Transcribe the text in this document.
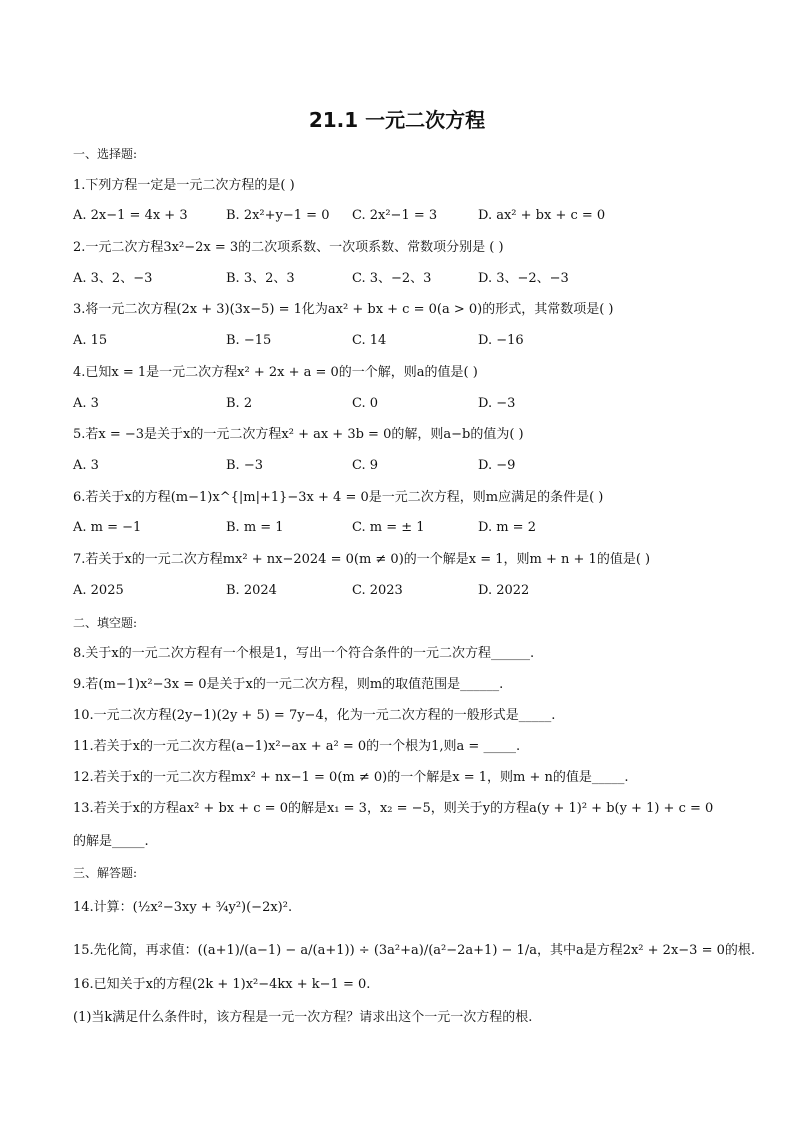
21.1 一元二次方程
一、选择题:
1.下列方程一定是一元二次方程的是( )
A. 2x−1 = 4x + 3	B. 2x²+y−1 = 0 C. 2x²−1 = 3	D. ax² + bx + c = 0
2.一元二次方程3x²−2x = 3的二次项系数、一次项系数、常数项分别是 ( )
A. 3、2、−3	B. 3、2、3	C. 3、−2、3	D. 3、−2、−3
3.将一元二次方程(2x + 3)(3x−5) = 1化为ax² + bx + c = 0(a > 0)的形式，其常数项是( )
A. 15	B. −15	C. 14	D. −16
4.已知x = 1是一元二次方程x² + 2x + a = 0的一个解，则a的值是( )
A. 3	B. 2	C. 0	D. −3
5.若x = −3是关于x的一元二次方程x² + ax + 3b = 0的解，则a−b的值为( )
A. 3	B. −3	C. 9	D. −9
6.若关于x的方程(m−1)x^{|m|+1}−3x + 4 = 0是一元二次方程，则m应满足的条件是( )
A. m = −1	B. m = 1	C. m = ± 1	D. m = 2
7.若关于x的一元二次方程mx² + nx−2024 = 0(m ≠ 0)的一个解是x = 1，则m + n + 1的值是( )
A. 2025	B. 2024	C. 2023	D. 2022
二、填空题:
8.关于x的一元二次方程有一个根是1，写出一个符合条件的一元二次方程______.
9.若(m−1)x²−3x = 0是关于x的一元二次方程，则m的取值范围是______.
10.一元二次方程(2y−1)(2y + 5) = 7y−4，化为一元二次方程的一般形式是_____.
11.若关于x的一元二次方程(a−1)x²−ax + a² = 0的一个根为1,则a = _____.
12.若关于x的一元二次方程mx² + nx−1 = 0(m ≠ 0)的一个解是x = 1，则m + n的值是_____.
13.若关于x的方程ax² + bx + c = 0的解是x₁ = 3，x₂ = −5，则关于y的方程a(y + 1)² + b(y + 1) + c = 0
的解是_____.
三、解答题:
14.计算：(½x²−3xy + ¾y²)(−2x)².
15.先化简，再求值：((a+1)/(a−1) − a/(a+1)) ÷ (3a²+a)/(a²−2a+1) − 1/a，其中a是方程2x² + 2x−3 = 0的根.
16.已知关于x的方程(2k + 1)x²−4kx + k−1 = 0.
(1)当k满足什么条件时，该方程是一元一次方程？请求出这个一元一次方程的根.
